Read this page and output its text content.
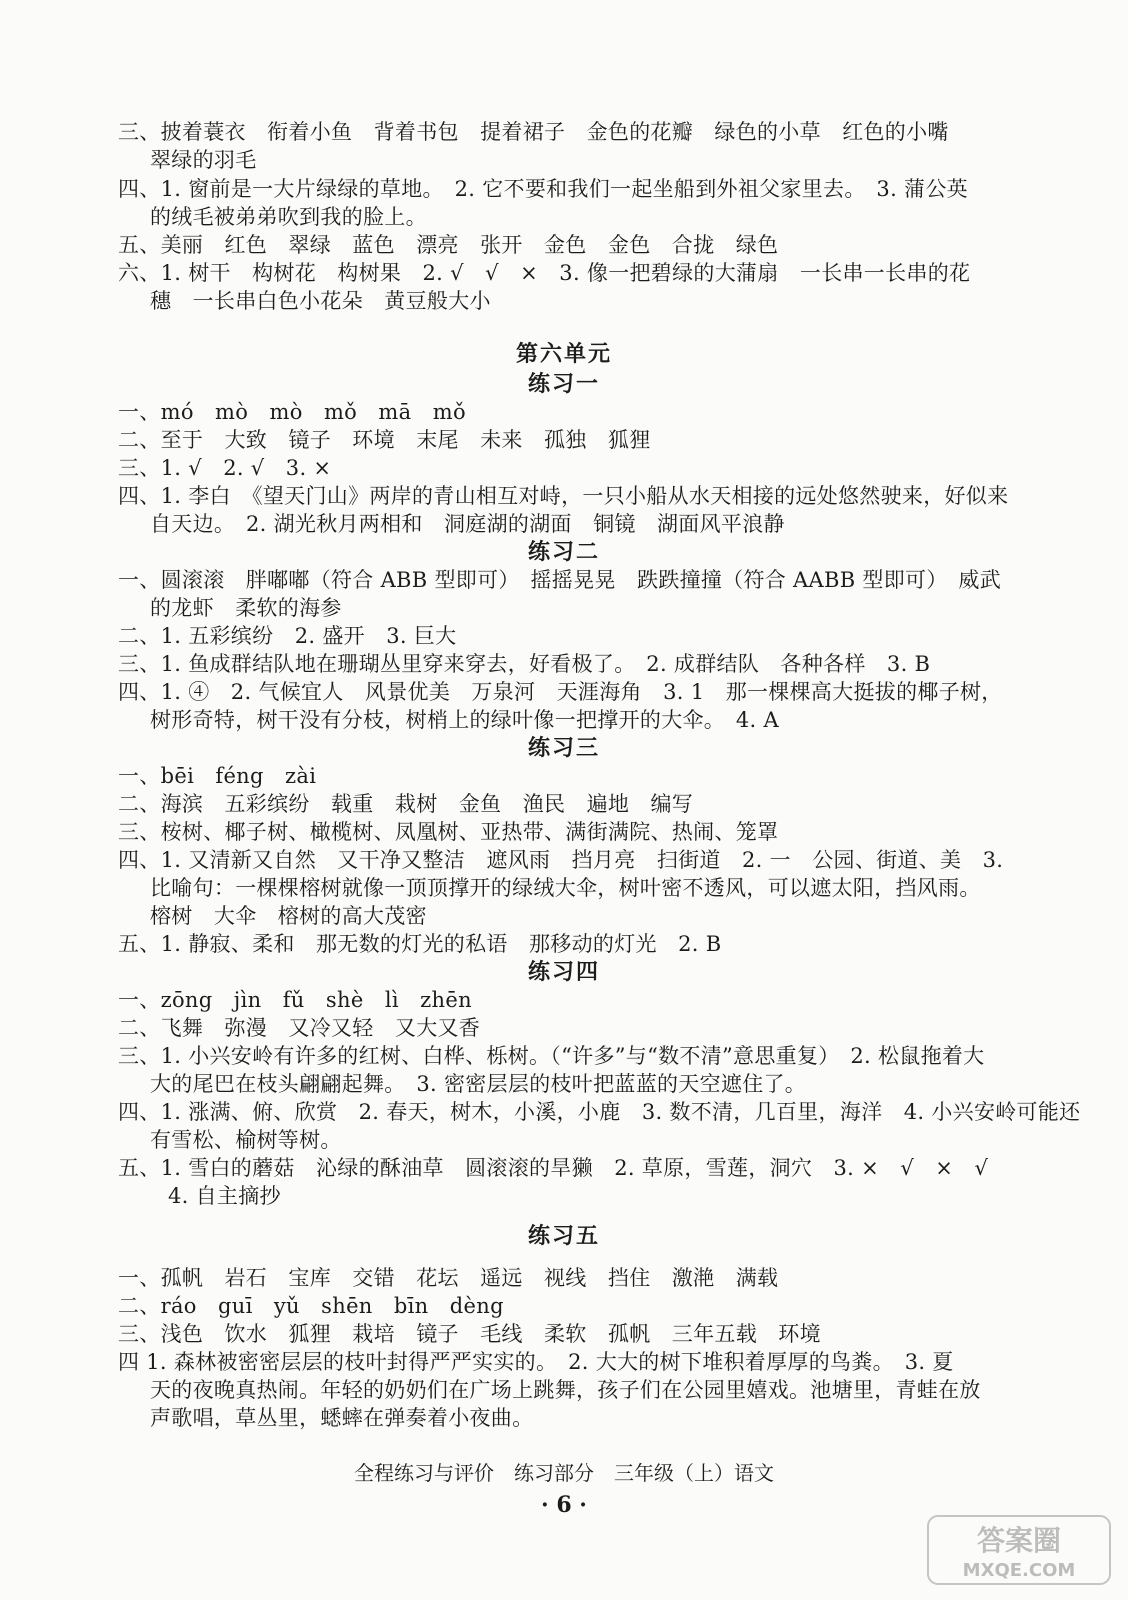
三、披着蓑衣　衔着小鱼　背着书包　提着裙子　金色的花瓣　绿色的小草　红色的小嘴
翠绿的羽毛
四、1. 窗前是一大片绿绿的草地。　2. 它不要和我们一起坐船到外祖父家里去。　3. 蒲公英
的绒毛被弟弟吹到我的脸上。
五、美丽　红色　翠绿　蓝色　漂亮　张开　金色　金色　合拢　绿色
六、1. 树干　构树花　构树果　2. √　√　×　3. 像一把碧绿的大蒲扇　一长串一长串的花
穗　一长串白色小花朵　黄豆般大小
第六单元
练习一
一、mó　mò　mò　mǒ　mā　mǒ
二、至于　大致　镜子　环境　末尾　未来　孤独　狐狸
三、1. √　2. √　3. ×
四、1. 李白　《望天门山》两岸的青山相互对峙，一只小船从水天相接的远处悠然驶来，好似来
自天边。　2. 湖光秋月两相和　洞庭湖的湖面　铜镜　湖面风平浪静
练习二
一、圆滚滚　胖嘟嘟（符合 ABB 型即可）　摇摇晃晃　跌跌撞撞（符合 AABB 型即可）　威武
的龙虾　柔软的海参
二、1. 五彩缤纷　2. 盛开　3. 巨大
三、1. 鱼成群结队地在珊瑚丛里穿来穿去，好看极了。　2. 成群结队　各种各样　3. B
四、1. ④　2. 气候宜人　风景优美　万泉河　天涯海角　3. 1　那一棵棵高大挺拔的椰子树，
树形奇特，树干没有分枝，树梢上的绿叶像一把撑开的大伞。　4. A
练习三
一、bēi　féng　zài
二、海滨　五彩缤纷　载重　栽树　金鱼　渔民　遍地　编写
三、桉树、椰子树、橄榄树、凤凰树、亚热带、满街满院、热闹、笼罩
四、1. 又清新又自然　又干净又整洁　遮风雨　挡月亮　扫街道　2. 一　公园、街道、美　3.
比喻句：一棵棵榕树就像一顶顶撑开的绿绒大伞，树叶密不透风，可以遮太阳，挡风雨。
榕树　大伞　榕树的高大茂密
五、1. 静寂、柔和　那无数的灯光的私语　那移动的灯光　2. B
练习四
一、zōng　jìn　fǔ　shè　lì　zhēn
二、飞舞　弥漫　又冷又轻　又大又香
三、1. 小兴安岭有许多的红树、白桦、栎树。（“许多”与“数不清”意思重复）　2. 松鼠拖着大
大的尾巴在枝头翩翩起舞。　3. 密密层层的枝叶把蓝蓝的天空遮住了。
四、1. 涨满、俯、欣赏　2. 春天，树木，小溪，小鹿　3. 数不清，几百里，海洋　4. 小兴安岭可能还
有雪松、榆树等树。
五、1. 雪白的蘑菇　沁绿的酥油草　圆滚滚的旱獭　2. 草原，雪莲，洞穴　3. ×　√　×　√
4. 自主摘抄
练习五
一、孤帆　岩石　宝库　交错　花坛　遥远　视线　挡住　激滟　满载
二、ráo　guī　yǔ　shēn　bīn　dèng
三、浅色　饮水　狐狸　栽培　镜子　毛线　柔软　孤帆　三年五载　环境
四 1. 森林被密密层层的枝叶封得严严实实的。　2. 大大的树下堆积着厚厚的鸟粪。　3. 夏
天的夜晚真热闹。年轻的奶奶们在广场上跳舞，孩子们在公园里嬉戏。池塘里，青蛙在放
声歌唱，草丛里，蟋蟀在弹奏着小夜曲。
全程练习与评价　练习部分　三年级（上）语文
· 6 ·
答案圈
MXQE.COM
